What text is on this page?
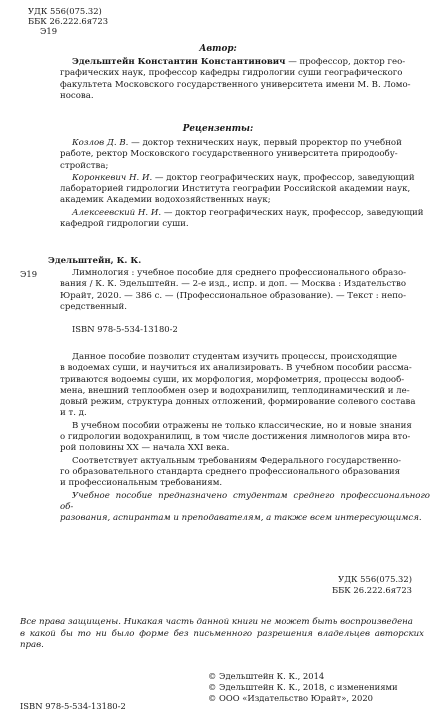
УДК 556(075.32)
ББК 26.222.6я723
Э19
Автор:
Эдельштейн Константин Константинович — профессор, доктор гео-
графических наук, профессор кафедры гидрологии суши географического
факультета Московского государственного университета имени М. В. Ломо-
носова.
Рецензенты:
Козлов Д. В. — доктор технических наук, первый проректор по учебной
работе, ректор Московского государственного университета природообу-
стройства;
Коронкевич Н. И. — доктор географических наук, профессор, заведующий
лабораторией гидрологии Института географии Российской академии наук,
академик Академии водохозяйственных наук;
Алексеевский Н. И. — доктор географических наук, профессор, заведующий
кафедрой гидрологии суши.
Эдельштейн, К. К.
Э19	Лимнология : учебное пособие для среднего профессионального образо-
вания / К. К. Эдельштейн. — 2-е изд., испр. и доп. — Москва : Издательство
Юрайт, 2020. — 386 с. — (Профессиональное образование). — Текст : непо-
средственный.
ISBN 978-5-534-13180-2
Данное пособие позволит студентам изучить процессы, происходящие
в водоемах суши, и научиться их анализировать. В учебном пособии рассма-
триваются водоемы суши, их морфология, морфометрия, процессы водооб-
мена, внешний теплообмен озер и водохранилищ, теплодинамический и ле-
довый режим, структура донных отложений, формирование солевого состава
и т. д.
В учебном пособии отражены не только классические, но и новые знания
о гидрологии водохранилищ, в том числе достижения лимнологов мира вто-
рой половины XX — начала XXI века.
Соответствует актуальным требованиям Федерального государственно-
го образовательного стандарта среднего профессионального образования
и профессиональным требованиям.
Учебное пособие предназначено студентам среднего профессионального об-
разования, аспирантам и преподавателям, а также всем интересующимся.
УДК 556(075.32)
ББК 26.222.6я723
Все права защищены. Никакая часть данной книги не может быть воспроизведена
в какой бы то ни было форме без письменного разрешения владельцев авторских прав.
ISBN 978-5-534-13180-2
© Эдельштейн К. К., 2014
© Эдельштейн К. К., 2018, с изменениями
© ООО «Издательство Юрайт», 2020
